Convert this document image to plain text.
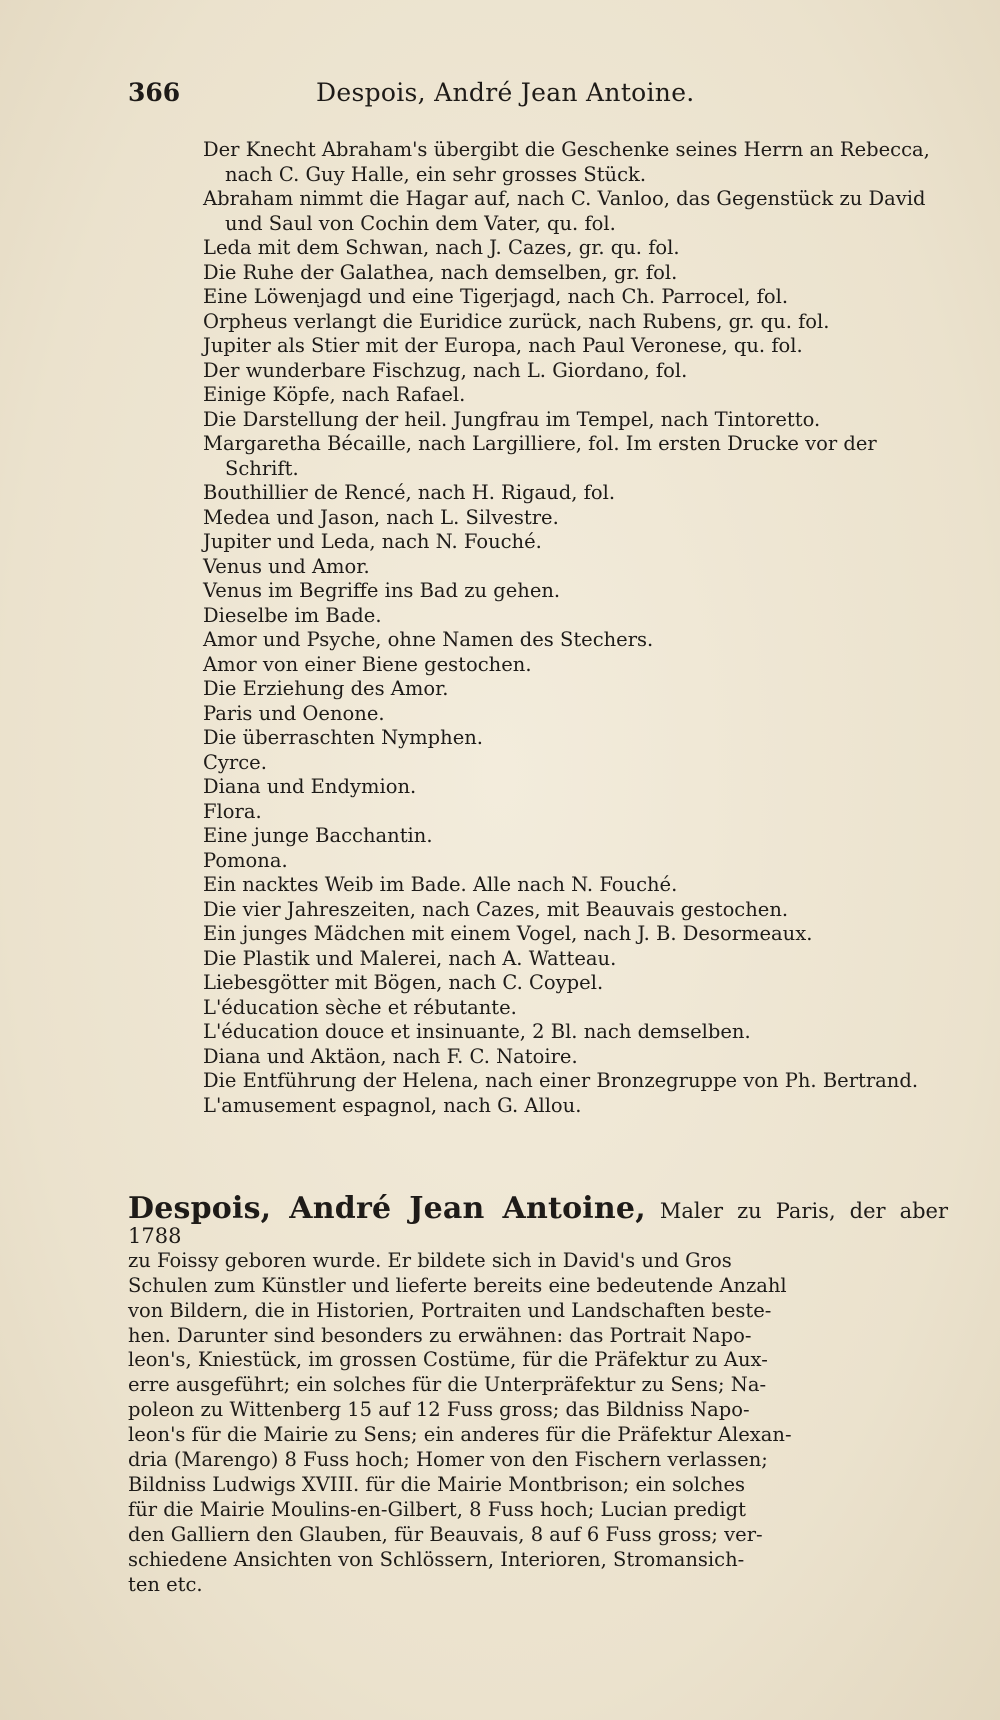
366	Despois, André Jean Antoine.

Der Knecht Abraham's übergibt die Geschenke seines Herrn an Rebecca, nach C. Guy Halle, ein sehr grosses Stück.

Abraham nimmt die Hagar auf, nach C. Vanloo, das Gegenstück zu David und Saul von Cochin dem Vater, qu. fol.

Leda mit dem Schwan, nach J. Cazes, gr. qu. fol.

Die Ruhe der Galathea, nach demselben, gr. fol.

Eine Löwenjagd und eine Tigerjagd, nach Ch. Parrocel, fol.

Orpheus verlangt die Euridice zurück, nach Rubens, gr. qu. fol.

Jupiter als Stier mit der Europa, nach Paul Veronese, qu. fol.

Der wunderbare Fischzug, nach L. Giordano, fol.

Einige Köpfe, nach Rafael.

Die Darstellung der heil. Jungfrau im Tempel, nach Tintoretto.

Margaretha Bécaille, nach Largilliere, fol. Im ersten Drucke vor der Schrift.

Bouthillier de Rencé, nach H. Rigaud, fol.

Medea und Jason, nach L. Silvestre.

Jupiter und Leda, nach N. Fouché.

Venus und Amor.

Venus im Begriffe ins Bad zu gehen.

Dieselbe im Bade.

Amor und Psyche, ohne Namen des Stechers.

Amor von einer Biene gestochen.

Die Erziehung des Amor.

Paris und Oenone.

Die überraschten Nymphen.

Cyrce.

Diana und Endymion.

Flora.

Eine junge Bacchantin.

Pomona.

Ein nacktes Weib im Bade. Alle nach N. Fouché.

Die vier Jahreszeiten, nach Cazes, mit Beauvais gestochen.

Ein junges Mädchen mit einem Vogel, nach J. B. Desormeaux.

Die Plastik und Malerei, nach A. Watteau.

Liebesgötter mit Bögen, nach C. Coypel.

L'éducation sèche et rébutante.

L'éducation douce et insinuante, 2 Bl. nach demselben.

Diana und Aktäon, nach F. C. Natoire.

Die Entführung der Helena, nach einer Bronzegruppe von Ph. Bertrand.

L'amusement espagnol, nach G. Allou.

Despois, André Jean Antoine, Maler zu Paris, der aber 1788
zu Foissy geboren wurde. Er bildete sich in David's und Gros
Schulen zum Künstler und lieferte bereits eine bedeutende Anzahl
von Bildern, die in Historien, Portraiten und Landschaften beste-
hen. Darunter sind besonders zu erwähnen: das Portrait Napo-
leon's, Kniestück, im grossen Costüme, für die Präfektur zu Aux-
erre ausgeführt; ein solches für die Unterpräfektur zu Sens; Na-
poleon zu Wittenberg 15 auf 12 Fuss gross; das Bildniss Napo-
leon's für die Mairie zu Sens; ein anderes für die Präfektur Alexan-
dria (Marengo) 8 Fuss hoch; Homer von den Fischern verlassen;
Bildniss Ludwigs XVIII. für die Mairie Montbrison; ein solches
für die Mairie Moulins-en-Gilbert, 8 Fuss hoch; Lucian predigt
den Galliern den Glauben, für Beauvais, 8 auf 6 Fuss gross; ver-
schiedene Ansichten von Schlössern, Interioren, Stromansich-
ten etc.
